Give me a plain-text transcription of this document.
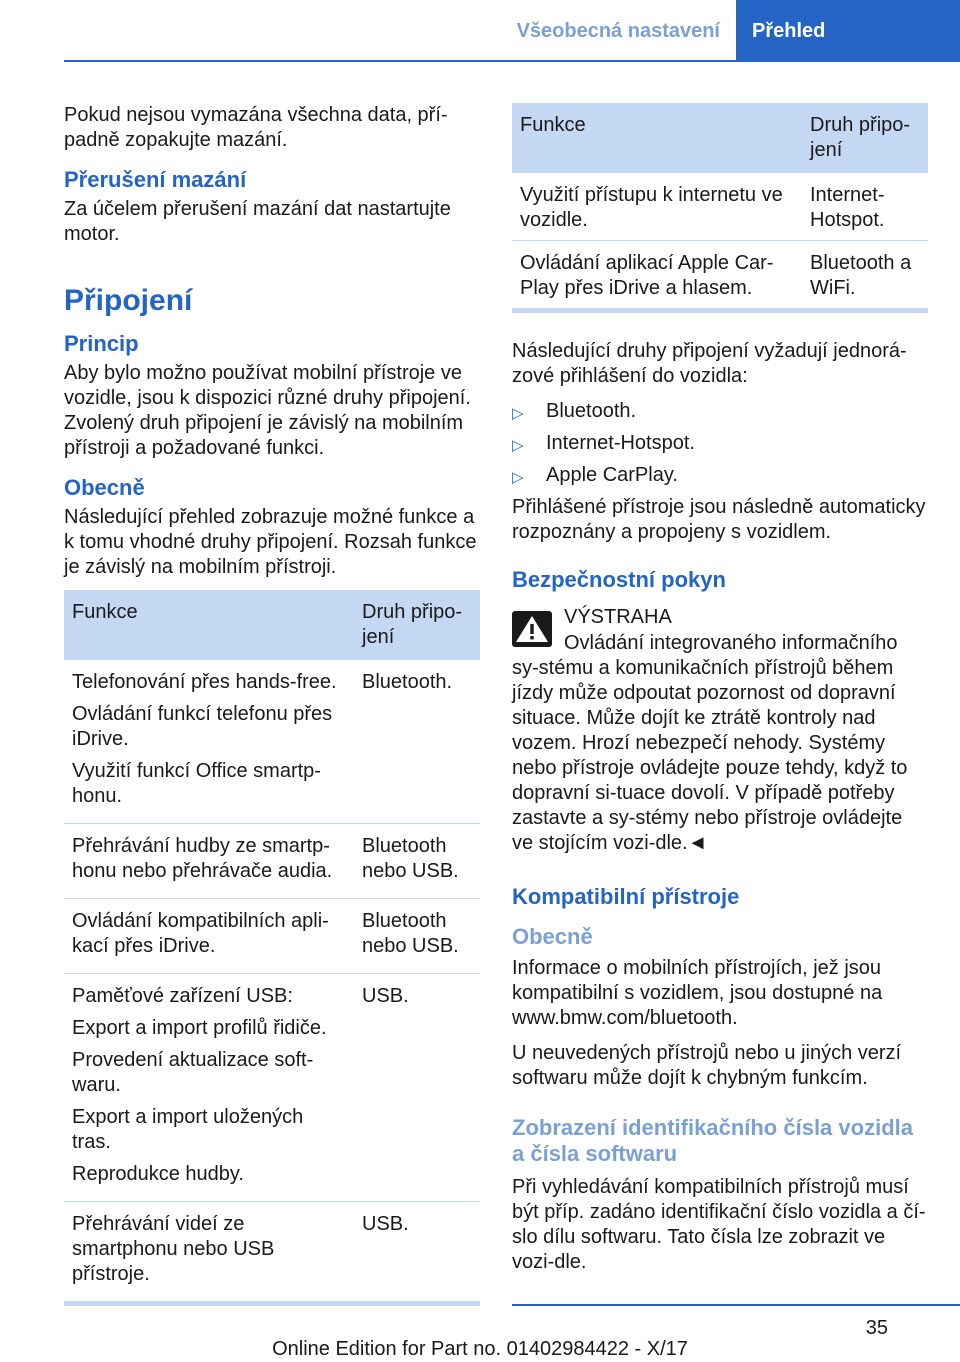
Všeobecná nastavení	Přehled

Pokud nejsou vymazána všechna data, pří-padně zopakujte mazání.

Přerušení mazání

Za účelem přerušení mazání dat nastartujte motor.

Připojení
Princip

Aby bylo možno používat mobilní přístroje ve vozidle, jsou k dispozici různé druhy připojení. Zvolený druh připojení je závislý na mobilním přístroji a požadované funkci.

Obecně

Následující přehled zobrazuje možné funkce a k tomu vhodné druhy připojení. Rozsah funkce je závislý na mobilním přístroji.

Funkce	Druh připo-jení

Telefonování přes hands-free.
Ovládání funkcí telefonu přes iDrive.
Využití funkcí Office smartp-honu.	Bluetooth.

Přehrávání hudby ze smartp-honu nebo přehrávače audia.	Bluetooth nebo USB.

Ovládání kompatibilních apli-kací přes iDrive.	Bluetooth nebo USB.

Paměťové zařízení USB:
Export a import profilů řidiče.
Provedení aktualizace soft-waru.
Export a import uložených tras.
Reprodukce hudby.	USB.

Přehrávání videí ze smartphonu nebo USB přístroje.	USB.
Funkce	Druh připo-jení
Využití přístupu k internetu ve vozidle.	Internet-Hotspot.
Ovládání aplikací Apple Car-Play přes iDrive a hlasem.	Bluetooth a WiFi.

Následující druhy připojení vyžadují jednorá-zové přihlášení do vozidla:

▷ Bluetooth.
▷ Internet-Hotspot.
▷ Apple CarPlay.

Přihlášené přístroje jsou následně automaticky rozpoznány a propojeny s vozidlem.

Bezpečnostní pokyn
VÝSTRAHA

Ovládání integrovaného informačního sy-stému a komunikačních přístrojů během jízdy může odpoutat pozornost od dopravní situace. Může dojít ke ztrátě kontroly nad vozem. Hrozí nebezpečí nehody. Systémy nebo přístroje ovládejte pouze tehdy, když to dopravní si-tuace dovolí. V případě potřeby zastavte a sy-stémy nebo přístroje ovládejte ve stojícím vozi-dle.◄

Kompatibilní přístroje
Obecně

Informace o mobilních přístrojích, jež jsou kompatibilní s vozidlem, jsou dostupné na www.bmw.com/bluetooth.

U neuvedených přístrojů nebo u jiných verzí softwaru může dojít k chybným funkcím.

Zobrazení identifikačního čísla vozidla a čísla softwaru

Při vyhledávání kompatibilních přístrojů musí být příp. zadáno identifikační číslo vozidla a čí-slo dílu softwaru. Tato čísla lze zobrazit ve vozi-dle.

35
Online Edition for Part no. 01402984422 - X/17
